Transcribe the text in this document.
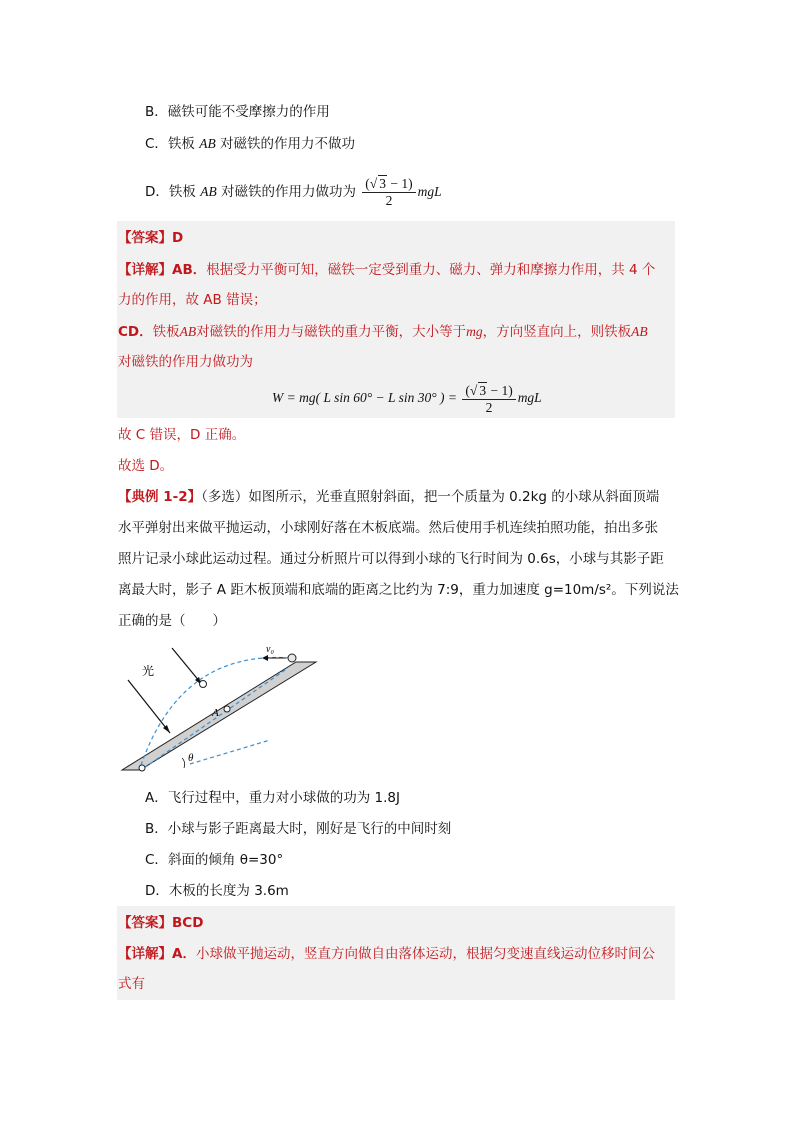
B．磁铁可能不受摩擦力的作用
C．铁板 AB 对磁铁的作用力不做功
D．铁板 AB 对磁铁的作用力做功为 $\frac{(√ 3 - 1)}{2}$ mgL
【答案】D
【详解】AB．根据受力平衡可知，磁铁一定受到重力、磁力、弹力和摩擦力作用，共 4 个
力的作用，故 AB 错误；
CD．铁板AB对磁铁的作用力与磁铁的重力平衡，大小等于mg，方向竖直向上，则铁板AB
对磁铁的作用力做功为
W = mg( L sin 60° − L sin 30° ) = $\frac{(√ 3 - 1)}{2}$ mgL
故 C 错误，D 正确。
故选 D。
【典例 1-2】（多选）如图所示，光垂直照射斜面，把一个质量为 0.2kg 的小球从斜面顶端
水平弹射出来做平抛运动，小球刚好落在木板底端。然后使用手机连续拍照功能，拍出多张
照片记录小球此运动过程。通过分析照片可以得到小球的飞行时间为 0.6s，小球与其影子距
离最大时，影子 A 距木板顶端和底端的距离之比约为 7:9，重力加速度 g=10m/s²。下列说法
正确的是（　　）
光
v₀
A
θ
A．飞行过程中，重力对小球做的功为 1.8J
B．小球与影子距离最大时，刚好是飞行的中间时刻
C．斜面的倾角 θ=30°
D．木板的长度为 3.6m
【答案】BCD
【详解】A．小球做平抛运动，竖直方向做自由落体运动，根据匀变速直线运动位移时间公
式有
